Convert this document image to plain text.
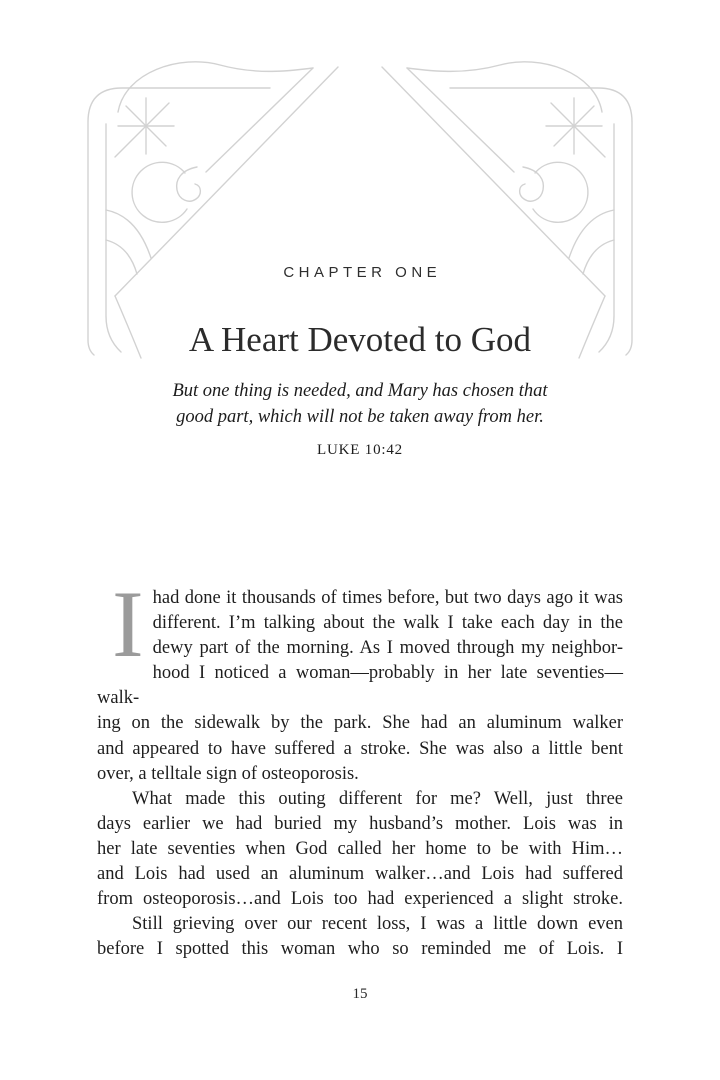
CHAPTER ONE
A Heart Devoted to God
But one thing is needed, and Mary has chosen that
good part, which will not be taken away from her.
LUKE 10:42
I had done it thousands of times before, but two days ago it was
different. I’m talking about the walk I take each day in the
dewy part of the morning. As I moved through my neighbor-
hood I noticed a woman—probably in her late seventies—walk-
ing on the sidewalk by the park. She had an aluminum walker
and appeared to have suffered a stroke. She was also a little bent
over, a telltale sign of osteoporosis.
What made this outing different for me? Well, just three
days earlier we had buried my husband’s mother. Lois was in
her late seventies when God called her home to be with Him…
and Lois had used an aluminum walker…and Lois had suffered
from osteoporosis…and Lois too had experienced a slight stroke.
Still grieving over our recent loss, I was a little down even
before I spotted this woman who so reminded me of Lois. I
15
